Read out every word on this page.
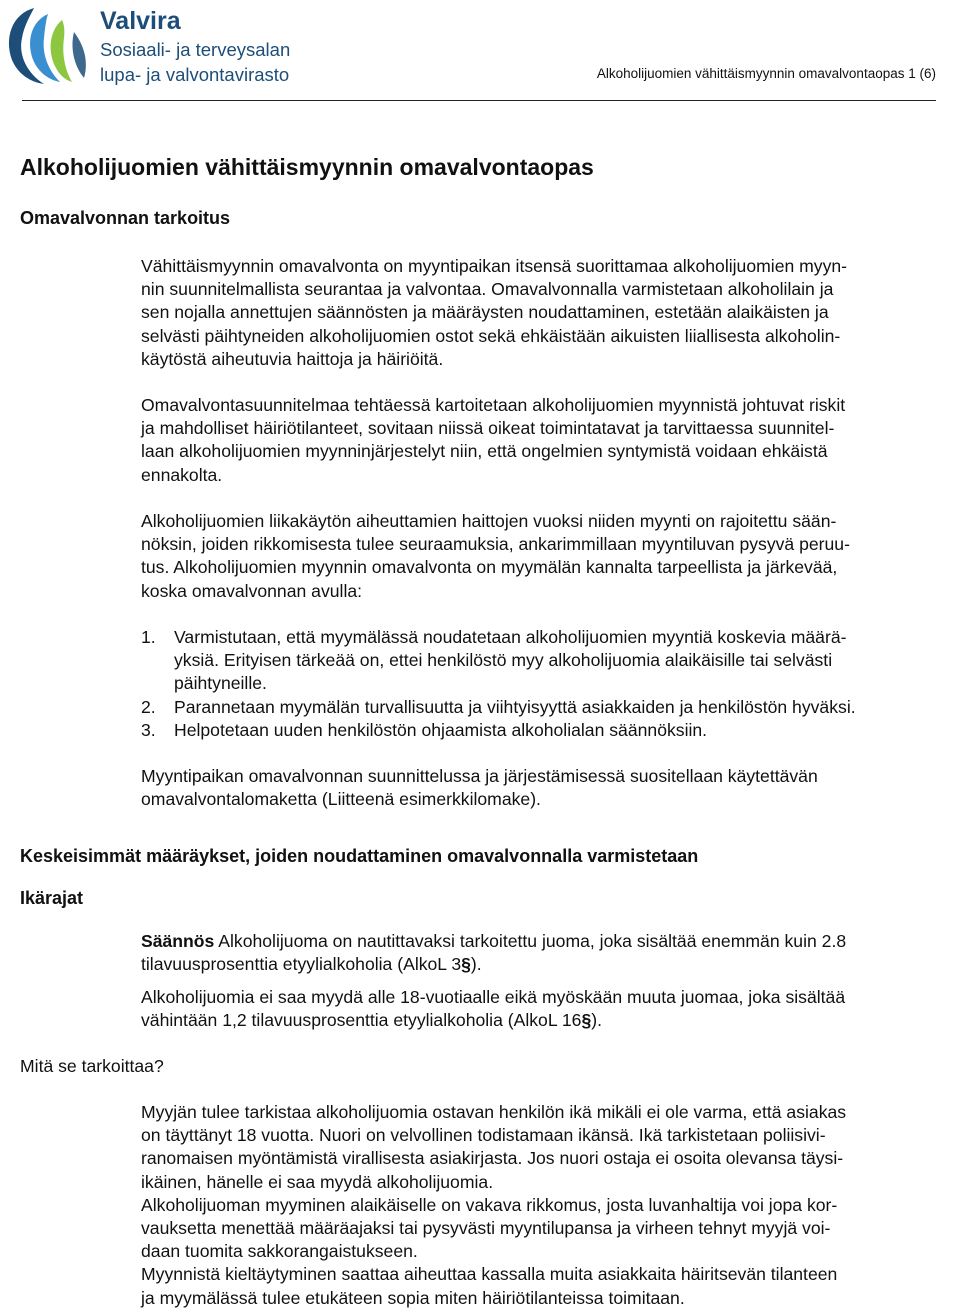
Valvira
Sosiaali- ja terveysalan
lupa- ja valvontavirasto	Alkoholijuomien vähittäismyynnin omavalvontaopas 1 (6)
Alkoholijuomien vähittäismyynnin omavalvontaopas
Omavalvonnan tarkoitus
Vähittäismyynnin omavalvonta on myyntipaikan itsensä suorittamaa alkoholijuomien myyn-
nin suunnitelmallista seurantaa ja valvontaa. Omavalvonnalla varmistetaan alkoholilain ja
sen nojalla annettujen säännösten ja määräysten noudattaminen, estetään alaikäisten ja
selvästi päihtyneiden alkoholijuomien ostot sekä ehkäistään aikuisten liiallisesta alkoholin-
käytöstä aiheutuvia haittoja ja häiriöitä.
Omavalvontasuunnitelmaa tehtäessä kartoitetaan alkoholijuomien myynnistä johtuvat riskit
ja mahdolliset häiriötilanteet, sovitaan niissä oikeat toimintatavat ja tarvittaessa suunnitel-
laan alkoholijuomien myynninjärjestelyt niin, että ongelmien syntymistä voidaan ehkäistä
ennakolta.
Alkoholijuomien liikakäytön aiheuttamien haittojen vuoksi niiden myynti on rajoitettu sään-
nöksin, joiden rikkomisesta tulee seuraamuksia, ankarimmillaan myyntiluvan pysyvä peruu-
tus. Alkoholijuomien myynnin omavalvonta on myymälän kannalta tarpeellista ja järkevää,
koska omavalvonnan avulla:
1. Varmistutaan, että myymälässä noudatetaan alkoholijuomien myyntiä koskevia määrä-
yksiä. Erityisen tärkeää on, ettei henkilöstö myy alkoholijuomia alaikäisille tai selvästi
päihtyneille.
2. Parannetaan myymälän turvallisuutta ja viihtyisyyttä asiakkaiden ja henkilöstön hyväksi.
3. Helpotetaan uuden henkilöstön ohjaamista alkoholialan säännöksiin.
Myyntipaikan omavalvonnan suunnittelussa ja järjestämisessä suositellaan käytettävän
omavalvontalomaketta (Liitteenä esimerkkilomake).
Keskeisimmät määräykset, joiden noudattaminen omavalvonnalla varmistetaan
Ikärajat
Säännös Alkoholijuoma on nautittavaksi tarkoitettu juoma, joka sisältää enemmän kuin 2.8
tilavuusprosenttia etyylialkoholia (AlkoL 3§).
Alkoholijuomia ei saa myydä alle 18-vuotiaalle eikä myöskään muuta juomaa, joka sisältää
vähintään 1,2 tilavuusprosenttia etyylialkoholia (AlkoL 16§).
Mitä se tarkoittaa?
Myyjän tulee tarkistaa alkoholijuomia ostavan henkilön ikä mikäli ei ole varma, että asiakas
on täyttänyt 18 vuotta. Nuori on velvollinen todistamaan ikänsä. Ikä tarkistetaan poliisivi-
ranomaisen myöntämistä virallisesta asiakirjasta. Jos nuori ostaja ei osoita olevansa täysi-
ikäinen, hänelle ei saa myydä alkoholijuomia.
Alkoholijuoman myyminen alaikäiselle on vakava rikkomus, josta luvanhaltija voi jopa kor-
vauksetta menettää määräajaksi tai pysyvästi myyntilupansa ja virheen tehnyt myyjä voi-
daan tuomita sakkorangaistukseen.
Myynnistä kieltäytyminen saattaa aiheuttaa kassalla muita asiakkaita häiritsevän tilanteen
ja myymälässä tulee etukäteen sopia miten häiriötilanteissa toimitaan.
